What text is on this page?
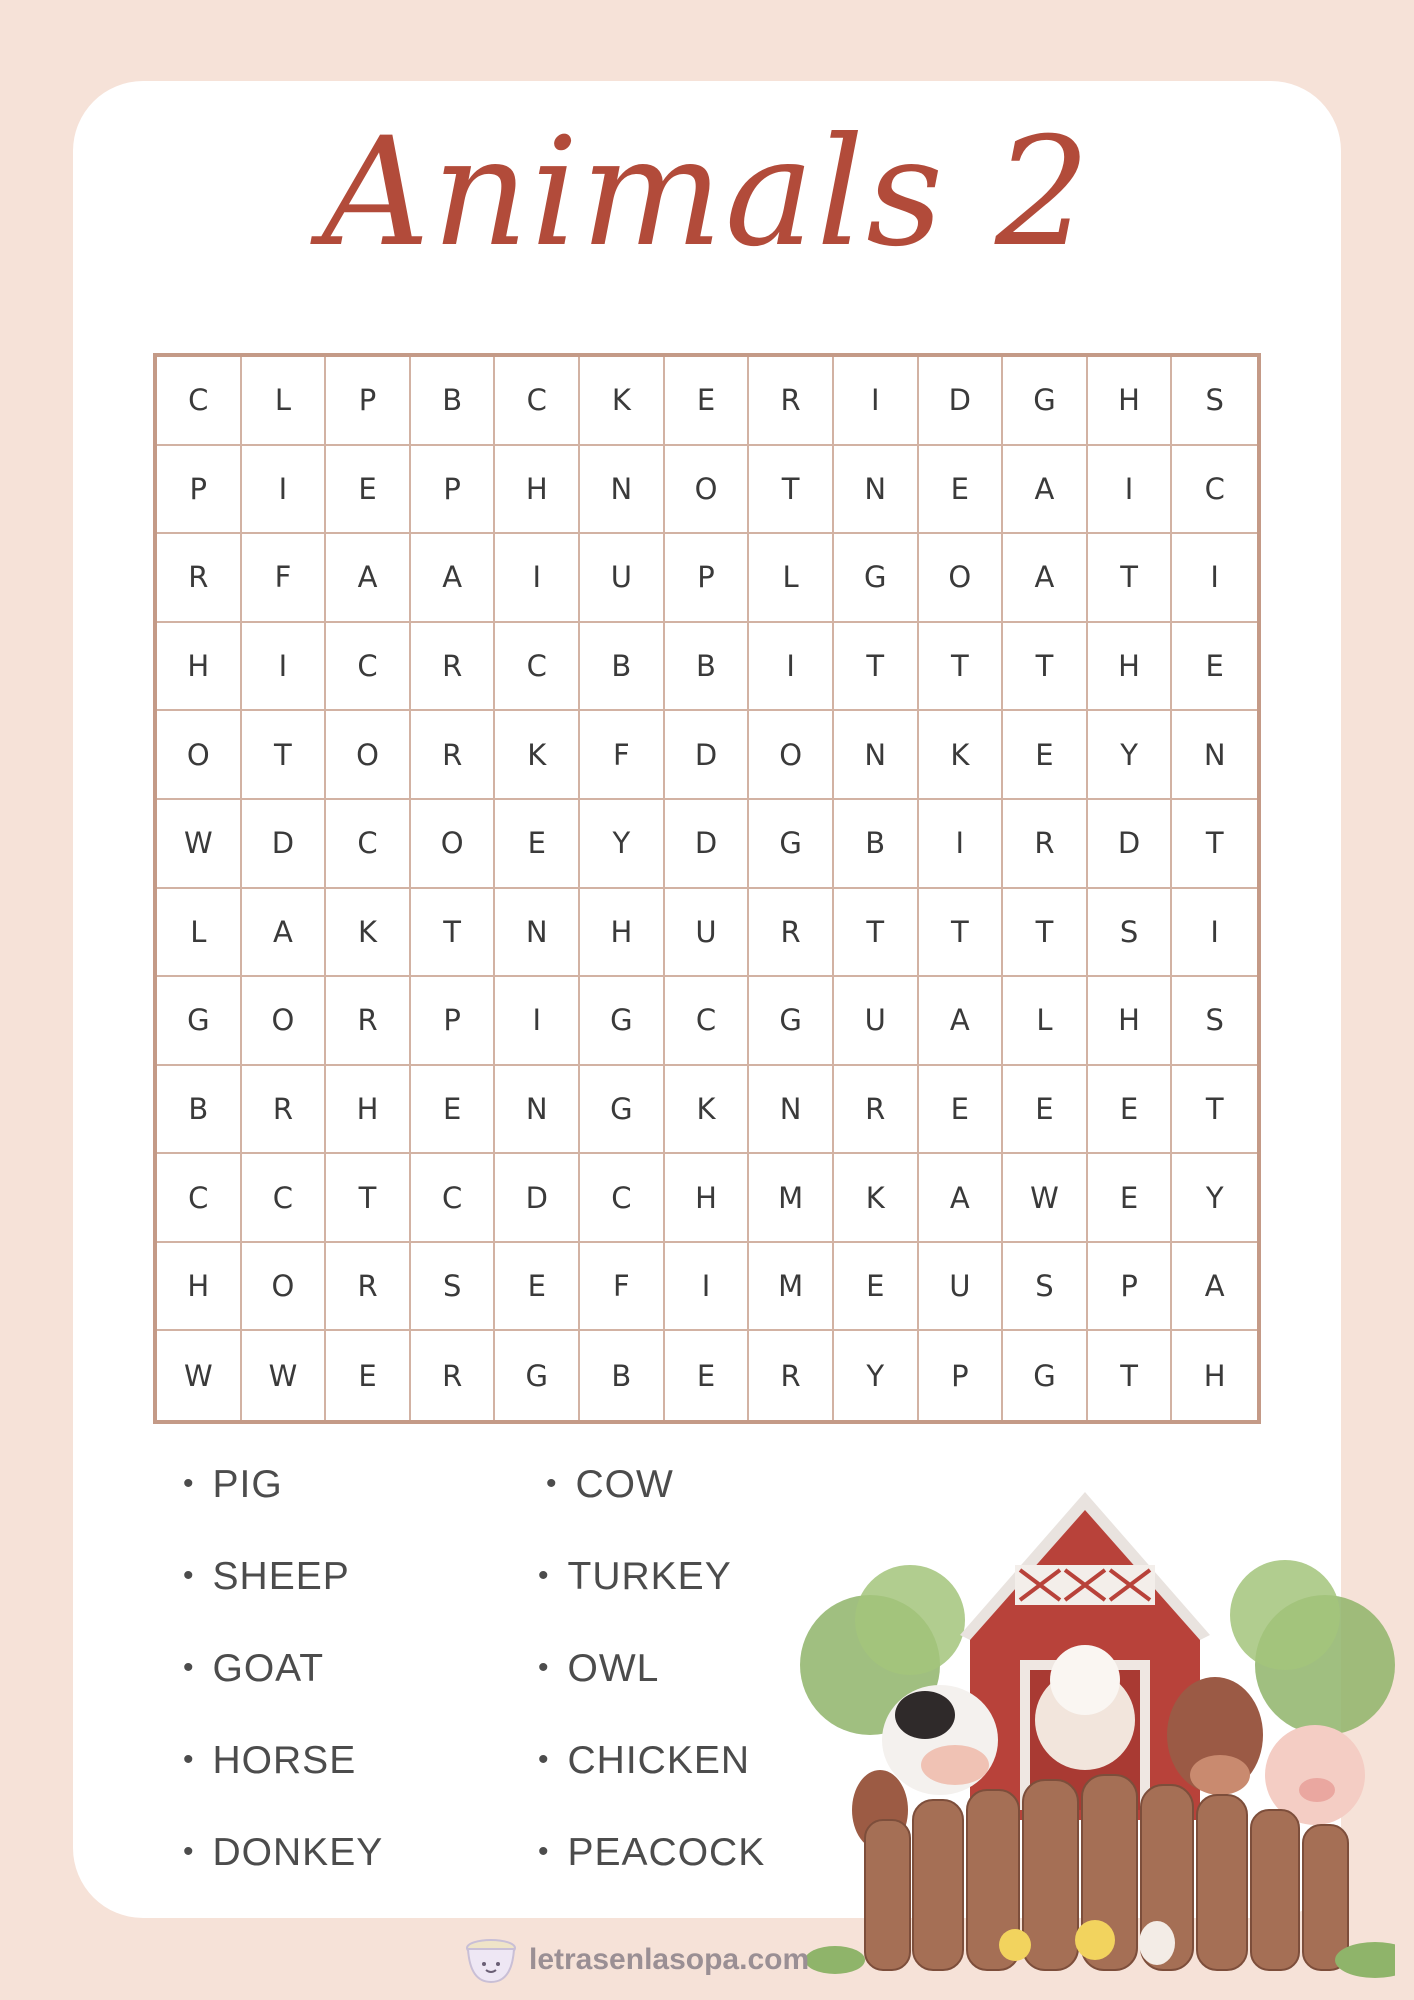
Animals 2
C	L	P	B	C	K	E	R	I	D	G	H	S
P	I	E	P	H	N	O	T	N	E	A	I	C
R	F	A	A	I	U	P	L	G	O	A	T	I
H	I	C	R	C	B	B	I	T	T	T	H	E
O	T	O	R	K	F	D	O	N	K	E	Y	N
W	D	C	O	E	Y	D	G	B	I	R	D	T
L	A	K	T	N	H	U	R	T	T	T	S	I
G	O	R	P	I	G	C	G	U	A	L	H	S
B	R	H	E	N	G	K	N	R	E	E	E	T
C	C	T	C	D	C	H	M	K	A	W	E	Y
H	O	R	S	E	F	I	M	E	U	S	P	A
W	W	E	R	G	B	E	R	Y	P	G	T	H
• PIG
• SHEEP
• GOAT
• HORSE
• DONKEY
• COW
• TURKEY
• OWL
• CHICKEN
• PEACOCK
letrasenlasopa.com
